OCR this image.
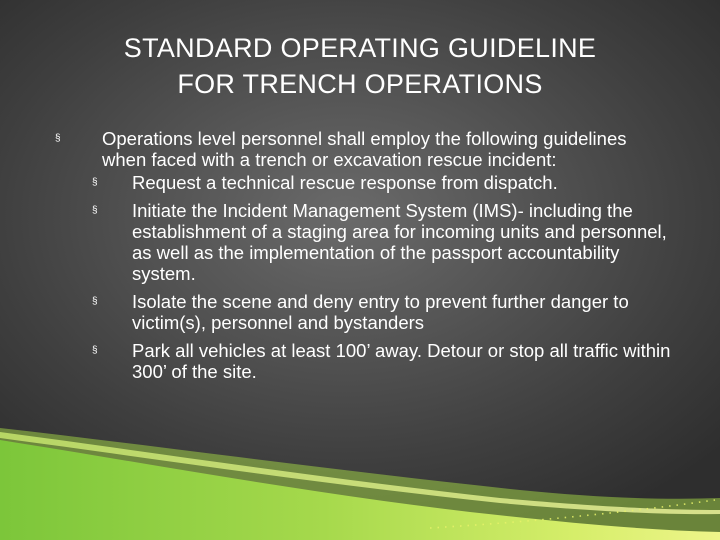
STANDARD OPERATING GUIDELINE
FOR TRENCH OPERATIONS
§ Operations level personnel shall employ the following guidelines when faced with a trench or excavation rescue incident:
§ Request a technical rescue response from dispatch.
§ Initiate the Incident Management System (IMS)- including the establishment of a staging area for incoming units and personnel, as well as the implementation of the passport accountability system.
§ Isolate the scene and deny entry to prevent further danger to victim(s), personnel and bystanders
§ Park all vehicles at least 100’ away. Detour or stop all traffic within 300’ of the site.
